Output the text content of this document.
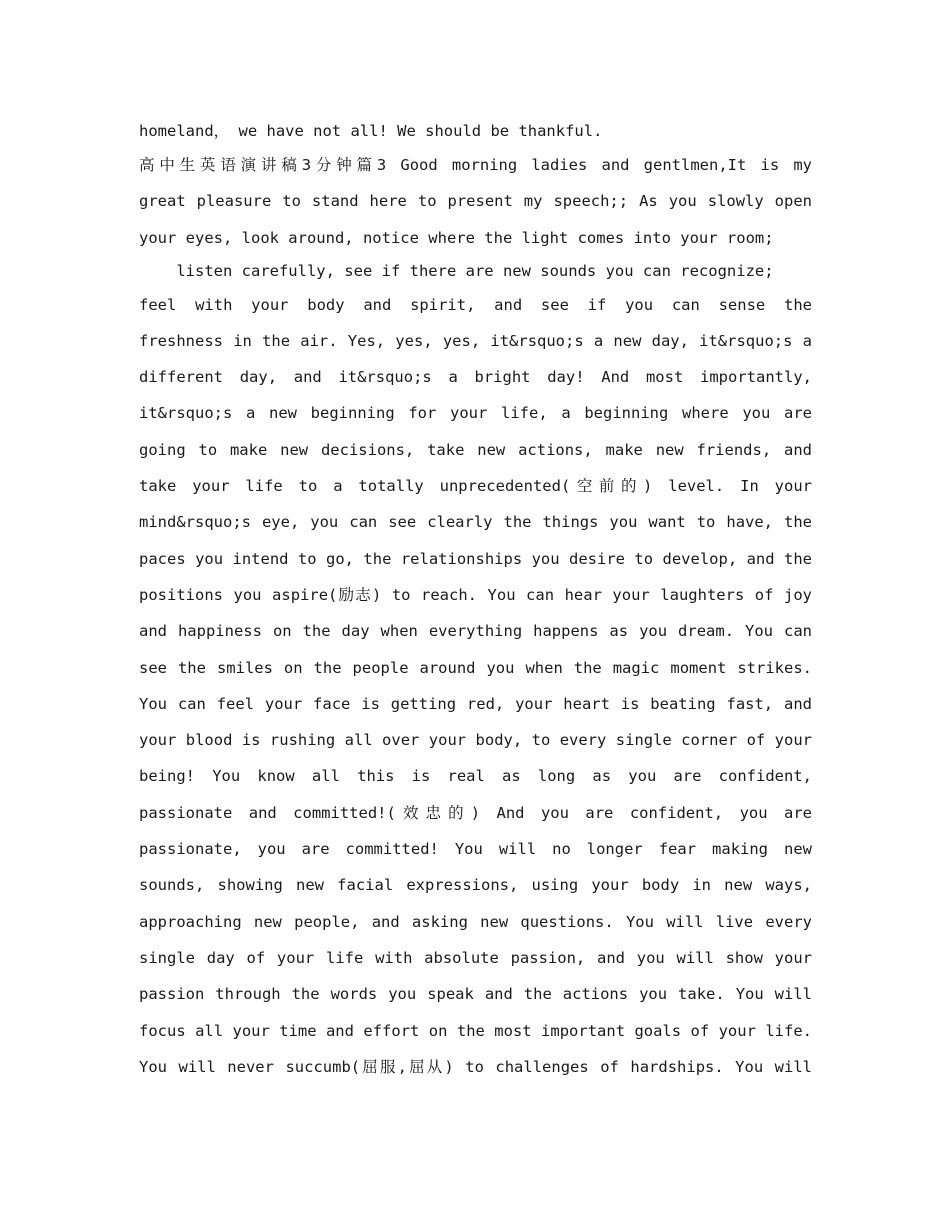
homeland， we have not all! We should be thankful.
高中生英语演讲稿3分钟篇3 Good morning ladies and gentlmen,It is my
great pleasure to stand here to present my speech;; As you slowly open
your eyes, look around, notice where the light comes into your room;
listen carefully, see if there are new sounds you can recognize;
feel with your body and spirit, and see if you can sense the
freshness in the air. Yes, yes, yes, it&rsquo;s a new day, it&rsquo;s a
different day, and it&rsquo;s a bright day! And most importantly,
it&rsquo;s a new beginning for your life, a beginning where you are
going to make new decisions, take new actions, make new friends, and
take your life to a totally unprecedented(空前的) level. In your
mind&rsquo;s eye, you can see clearly the things you want to have, the
paces you intend to go, the relationships you desire to develop, and the
positions you aspire(励志) to reach. You can hear your laughters of joy
and happiness on the day when everything happens as you dream. You can
see the smiles on the people around you when the magic moment strikes.
You can feel your face is getting red, your heart is beating fast, and
your blood is rushing all over your body, to every single corner of your
being! You know all this is real as long as you are confident,
passionate and committed!(效忠的) And you are confident, you are
passionate, you are committed! You will no longer fear making new
sounds, showing new facial expressions, using your body in new ways,
approaching new people, and asking new questions. You will live every
single day of your life with absolute passion, and you will show your
passion through the words you speak and the actions you take. You will
focus all your time and effort on the most important goals of your life.
You will never succumb(屈服,屈从) to challenges of hardships. You will
